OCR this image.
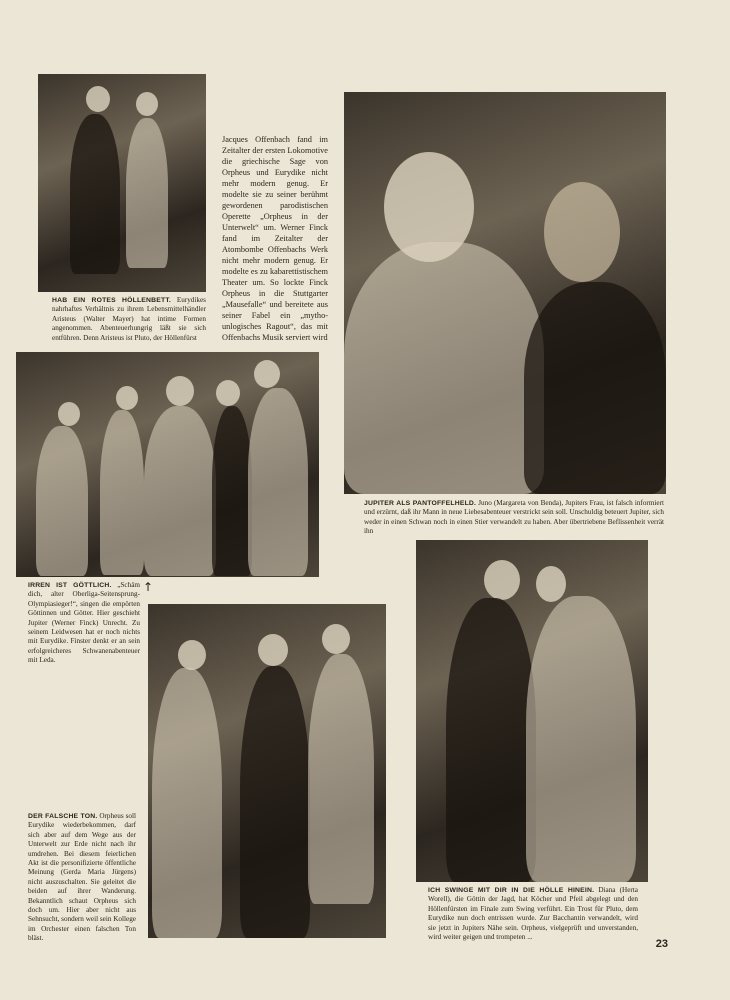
HAB EIN ROTES HÖLLENBETT. Eurydikes nahrhaftes Verhältnis zu ihrem Lebensmittelhändler Aristeus (Walter Mayer) hat intime Formen angenommen. Abenteuerhungrig läßt sie sich entführen. Denn Aristeus ist Pluto, der Höllenfürst
Jacques Offenbach fand im Zeitalter der ersten Lokomotive die griechische Sage von Orpheus und Eurydike nicht mehr modern genug. Er modelte sie zu seiner berühmt gewordenen parodistischen Operette „Orpheus in der Unterwelt“ um. Werner Finck fand im Zeitalter der Atombombe Offenbachs Werk nicht mehr modern genug. Er modelte es zu kabarettistischem Theater um. So lockte Finck Orpheus in die Stuttgarter „Mausefalle“ und bereitete aus seiner Fabel ein „mytho-unlogisches Ragout“, das mit Offenbachs Musik serviert wird
JUPITER ALS PANTOFFELHELD. Juno (Margareta von Benda), Jupiters Frau, ist falsch informiert und erzürnt, daß ihr Mann in neue Liebesabenteuer verstrickt sein soll. Unschuldig beteuert Jupiter, sich weder in einen Schwan noch in einen Stier verwandelt zu haben. Aber übertriebene Beflissenheit verrät ihn
↑
IRREN IST GÖTTLICH. „Schäm dich, alter Oberliga-Seitensprung-Olympiasieger!“, singen die empörten Göttinnen und Götter. Hier geschieht Jupiter (Werner Finck) Unrecht. Zu seinem Leidwesen hat er noch nichts mit Eurydike. Finster denkt er an sein erfolgreicheres Schwanenabenteuer mit Leda.
DER FALSCHE TON. Orpheus soll Eurydike wiederbekommen, darf sich aber auf dem Wege aus der Unterwelt zur Erde nicht nach ihr umdrehen. Bei diesem feierlichen Akt ist die personifizierte öffentliche Meinung (Gerda Maria Jürgens) nicht auszuschalten. Sie geleitet die beiden auf ihrer Wanderung. Bekanntlich schaut Orpheus sich doch um. Hier aber nicht aus Sehnsucht, sondern weil sein Kollege im Orchester einen falschen Ton bläst.
ICH SWINGE MIT DIR IN DIE HÖLLE HINEIN. Diana (Herta Worell), die Göttin der Jagd, hat Köcher und Pfeil abgelegt und den Höllenfürsten im Finale zum Swing verführt. Ein Trost für Pluto, dem Eurydike nun doch entrissen wurde. Zur Bacchantin verwandelt, wird sie jetzt in Jupiters Nähe sein. Orpheus, vielgeprüft und unverstanden, wird weiter geigen und trompeten ...
23
